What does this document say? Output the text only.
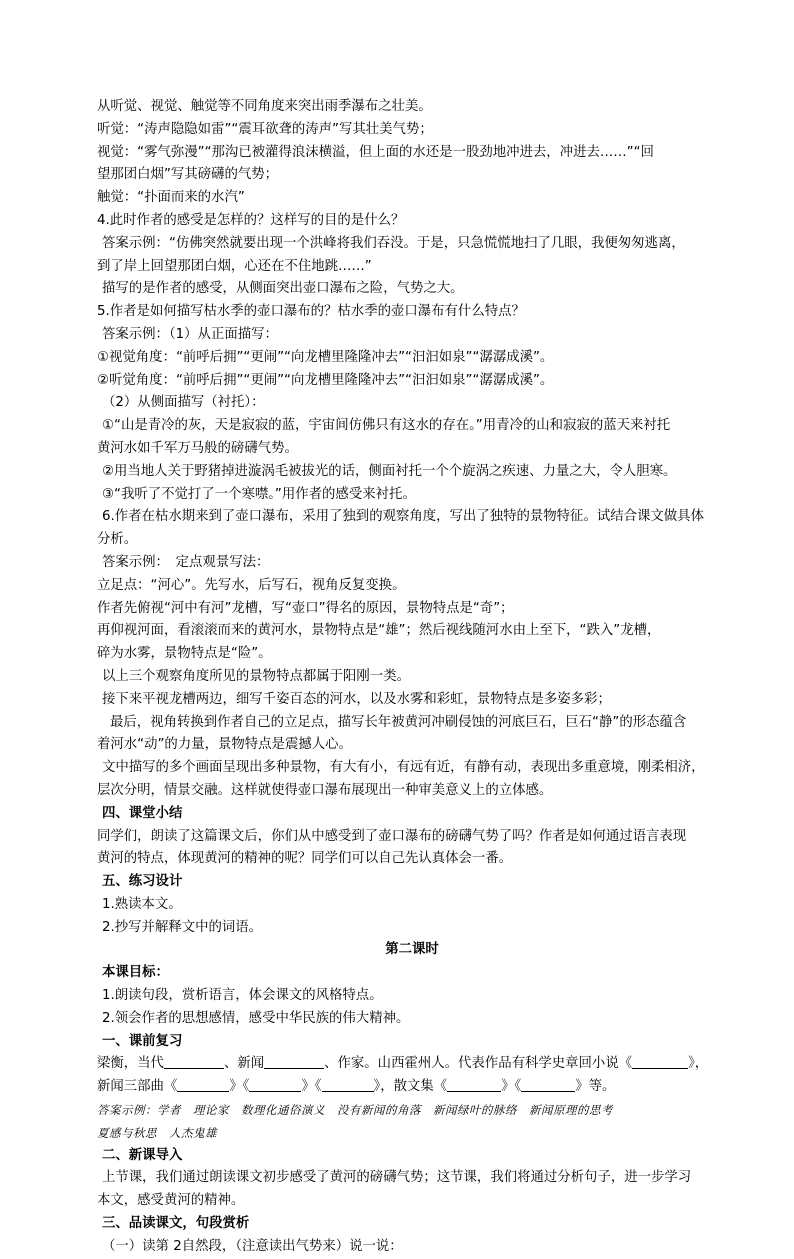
从听觉、视觉、触觉等不同角度来突出雨季瀑布之壮美。
听觉：“涛声隐隐如雷”“震耳欲聋的涛声”写其壮美气势；
视觉：“雾气弥漫”“那沟已被灌得浪沫横溢，但上面的水还是一股劲地冲进去，冲进去……”“回
望那团白烟”写其磅礴的气势；
触觉：“扑面而来的水汽”
4.此时作者的感受是怎样的？这样写的目的是什么？
答案示例：“仿佛突然就要出现一个洪峰将我们吞没。于是，只急慌慌地扫了几眼，我便匆匆逃离，
到了岸上回望那团白烟，心还在不住地跳……”
描写的是作者的感受，从侧面突出壶口瀑布之险，气势之大。
5.作者是如何描写枯水季的壶口瀑布的？枯水季的壶口瀑布有什么特点？
答案示例：（1）从正面描写：
①视觉角度：“前呼后拥”“更闹”“向龙槽里隆隆冲去”“汩汩如泉”“潺潺成溪”。
②听觉角度：“前呼后拥”“更闹”“向龙槽里隆隆冲去”“汩汩如泉”“潺潺成溪”。
（2）从侧面描写（衬托）：
①“山是青冷的灰，天是寂寂的蓝，宇宙间仿佛只有这水的存在。”用青冷的山和寂寂的蓝天来衬托
黄河水如千军万马般的磅礴气势。
②用当地人关于野猪掉进漩涡毛被拔光的话，侧面衬托一个个旋涡之疾速、力量之大，令人胆寒。
③“我听了不觉打了一个寒噤。”用作者的感受来衬托。
6.作者在枯水期来到了壶口瀑布，采用了独到的观察角度，写出了独特的景物特征。试结合课文做具体
分析。
答案示例：　定点观景写法：
立足点：“河心”。先写水，后写石，视角反复变换。
作者先俯视“河中有河”龙槽，写“壶口”得名的原因，景物特点是“奇”；
再仰视河面，看滚滚而来的黄河水，景物特点是“雄”；然后视线随河水由上至下，“跌入”龙槽，
碎为水雾，景物特点是“险”。
以上三个观察角度所见的景物特点都属于阳刚一类。
接下来平视龙槽两边，细写千姿百态的河水，以及水雾和彩虹，景物特点是多姿多彩；
最后，视角转换到作者自己的立足点，描写长年被黄河冲刷侵蚀的河底巨石，巨石“静”的形态蕴含
着河水“动”的力量，景物特点是震撼人心。
文中描写的多个画面呈现出多种景物，有大有小，有远有近，有静有动，表现出多重意境，刚柔相济，
层次分明，情景交融。这样就使得壶口瀑布展现出一种审美意义上的立体感。
四、课堂小结
同学们，朗读了这篇课文后，你们从中感受到了壶口瀑布的磅礴气势了吗？作者是如何通过语言表现
黄河的特点，体现黄河的精神的呢？同学们可以自己先认真体会一番。
五、练习设计
1.熟读本文。
2.抄写并解释文中的词语。
第二课时
本课目标：
1.朗读句段，赏析语言，体会课文的风格特点。
2.领会作者的思想感情，感受中华民族的伟大精神。
一、课前复习
梁衡，当代	、新闻	、作家。山西霍州人。代表作品有科学史章回小说《	》，
新闻三部曲《	》《	》《	》，散文集《	》《	》等。
答案示例：学者　理论家　数理化通俗演义　没有新闻的角落　新闻绿叶的脉络　新闻原理的思考
夏感与秋思　人杰鬼雄
二、新课导入
上节课，我们通过朗读课文初步感受了黄河的磅礴气势；这节课，我们将通过分析句子，进一步学习
本文，感受黄河的精神。
三、品读课文，句段赏析
（一）读第 2自然段，（注意读出气势来）说一说：
